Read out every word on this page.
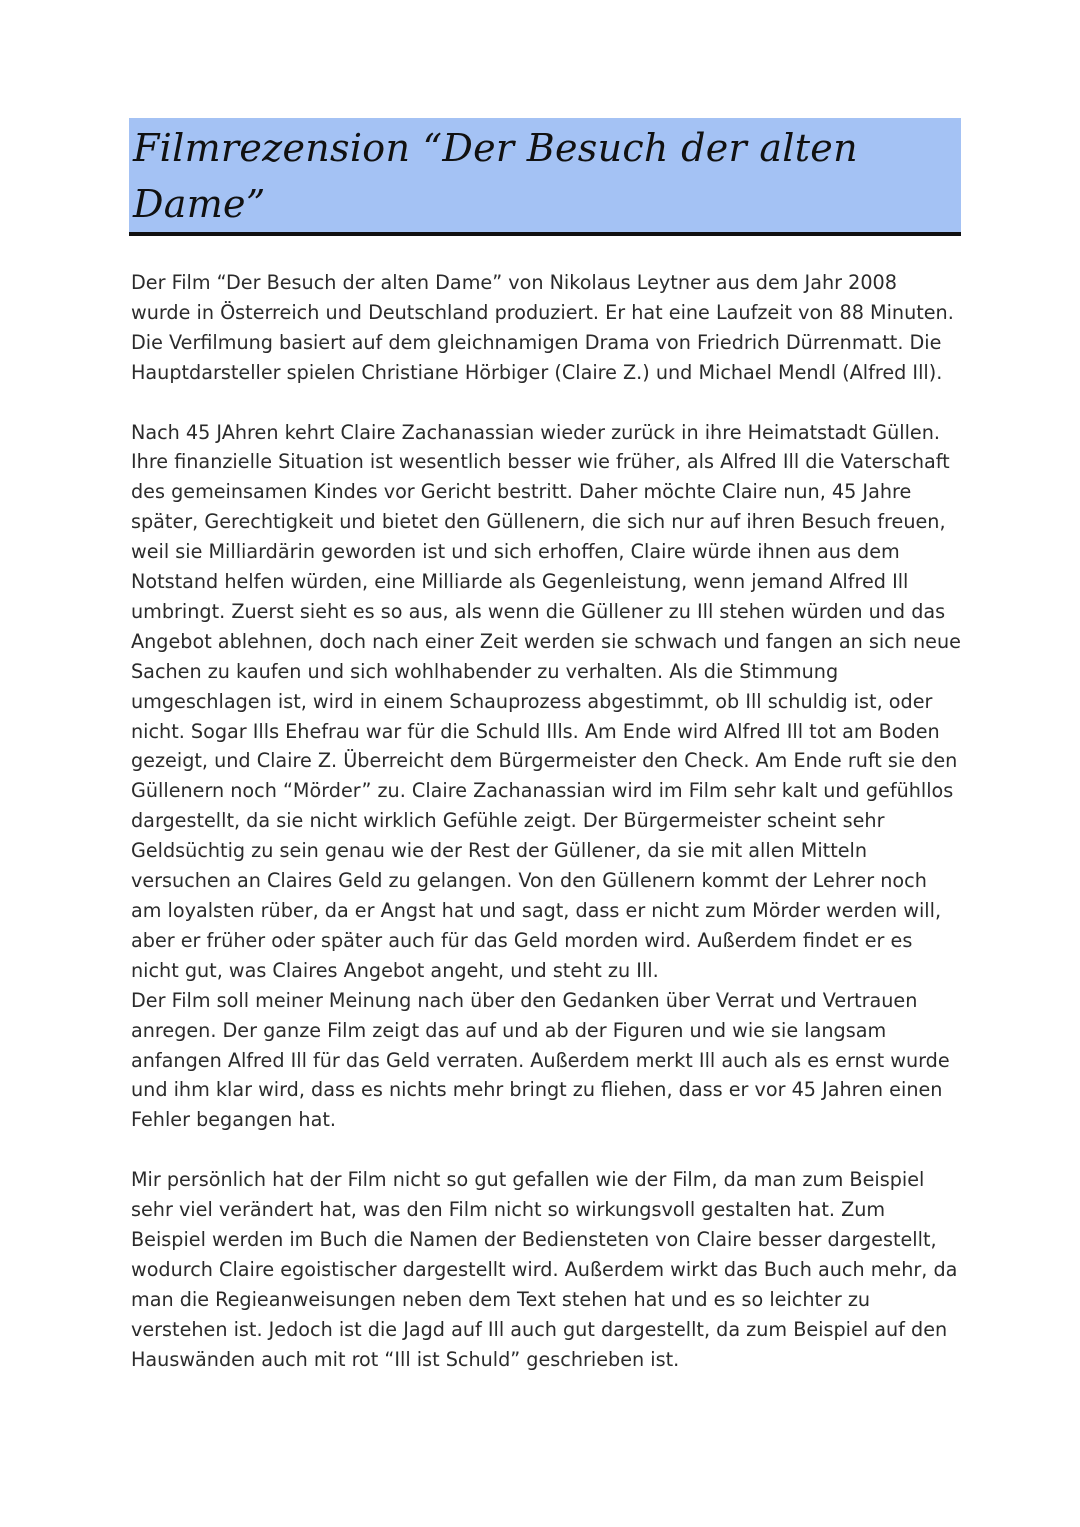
Filmrezension “Der Besuch der alten Dame”

Der Film “Der Besuch der alten Dame” von Nikolaus Leytner aus dem Jahr 2008 wurde in Österreich und Deutschland produziert. Er hat eine Laufzeit von 88 Minuten. Die Verfilmung basiert auf dem gleichnamigen Drama von Friedrich Dürrenmatt. Die Hauptdarsteller spielen Christiane Hörbiger (Claire Z.) und Michael Mendl (Alfred Ill).

Nach 45 JAhren kehrt Claire Zachanassian wieder zurück in ihre Heimatstadt Güllen. Ihre finanzielle Situation ist wesentlich besser wie früher, als Alfred Ill die Vaterschaft des gemeinsamen Kindes vor Gericht bestritt. Daher möchte Claire nun, 45 Jahre später, Gerechtigkeit und bietet den Güllenern, die sich nur auf ihren Besuch freuen, weil sie Milliardärin geworden ist und sich erhoffen, Claire würde ihnen aus dem Notstand helfen würden, eine Milliarde als Gegenleistung, wenn jemand Alfred Ill umbringt. Zuerst sieht es so aus, als wenn die Güllener zu Ill stehen würden und das Angebot ablehnen, doch nach einer Zeit werden sie schwach und fangen an sich neue Sachen zu kaufen und sich wohlhabender zu verhalten. Als die Stimmung umgeschlagen ist, wird in einem Schauprozess abgestimmt, ob Ill schuldig ist, oder nicht. Sogar Ills Ehefrau war für die Schuld Ills. Am Ende wird Alfred Ill tot am Boden gezeigt, und Claire Z. Überreicht dem Bürgermeister den Check. Am Ende ruft sie den Güllenern noch “Mörder” zu. Claire Zachanassian wird im Film sehr kalt und gefühllos dargestellt, da sie nicht wirklich Gefühle zeigt. Der Bürgermeister scheint sehr Geldsüchtig zu sein genau wie der Rest der Güllener, da sie mit allen Mitteln versuchen an Claires Geld zu gelangen. Von den Güllenern kommt der Lehrer noch am loyalsten rüber, da er Angst hat und sagt, dass er nicht zum Mörder werden will, aber er früher oder später auch für das Geld morden wird. Außerdem findet er es nicht gut, was Claires Angebot angeht, und steht zu Ill.

Der Film soll meiner Meinung nach über den Gedanken über Verrat und Vertrauen anregen. Der ganze Film zeigt das auf und ab der Figuren und wie sie langsam anfangen Alfred Ill für das Geld verraten. Außerdem merkt Ill auch als es ernst wurde und ihm klar wird, dass es nichts mehr bringt zu fliehen, dass er vor 45 Jahren einen Fehler begangen hat.

Mir persönlich hat der Film nicht so gut gefallen wie der Film, da man zum Beispiel sehr viel verändert hat, was den Film nicht so wirkungsvoll gestalten hat. Zum Beispiel werden im Buch die Namen der Bediensteten von Claire besser dargestellt, wodurch Claire egoistischer dargestellt wird. Außerdem wirkt das Buch auch mehr, da man die Regieanweisungen neben dem Text stehen hat und es so leichter zu verstehen ist. Jedoch ist die Jagd auf Ill auch gut dargestellt, da zum Beispiel auf den Hauswänden auch mit rot “Ill ist Schuld” geschrieben ist.
